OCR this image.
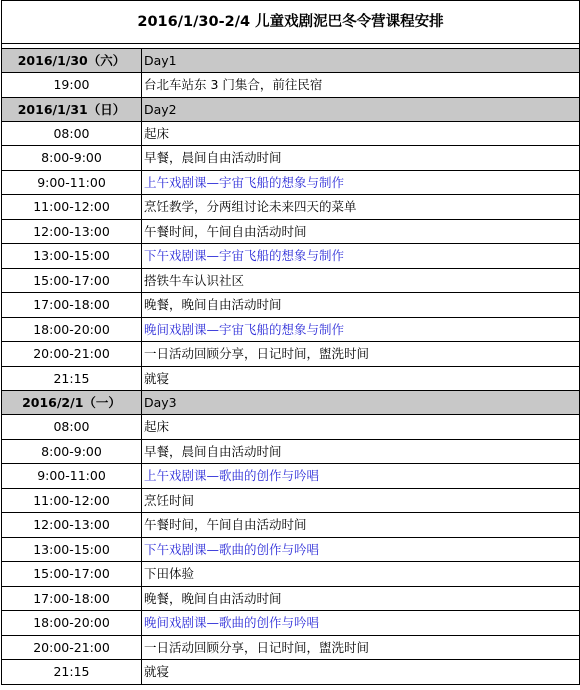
2016/1/30-2/4 儿童戏剧泥巴冬令营课程安排	

2016/1/30（六）	Day1
19:00	台北车站东 3 门集合，前往民宿
2016/1/31（日）	Day2
08:00	起床
8:00-9:00	早餐，晨间自由活动时间
9:00-11:00	上午戏剧课—宇宙飞船的想象与制作
11:00-12:00	烹饪教学，分两组讨论未来四天的菜单
12:00-13:00	午餐时间，午间自由活动时间
13:00-15:00	下午戏剧课—宇宙飞船的想象与制作
15:00-17:00	搭铁牛车认识社区
17:00-18:00	晚餐，晚间自由活动时间
18:00-20:00	晚间戏剧课—宇宙飞船的想象与制作
20:00-21:00	一日活动回顾分享，日记时间，盥洗时间
21:15	就寝
2016/2/1（一）	Day3
08:00	起床
8:00-9:00	早餐，晨间自由活动时间
9:00-11:00	上午戏剧课—歌曲的创作与吟唱
11:00-12:00	烹饪时间
12:00-13:00	午餐时间，午间自由活动时间
13:00-15:00	下午戏剧课—歌曲的创作与吟唱
15:00-17:00	下田体验
17:00-18:00	晚餐，晚间自由活动时间
18:00-20:00	晚间戏剧课—歌曲的创作与吟唱
20:00-21:00	一日活动回顾分享，日记时间，盥洗时间
21:15	就寝
